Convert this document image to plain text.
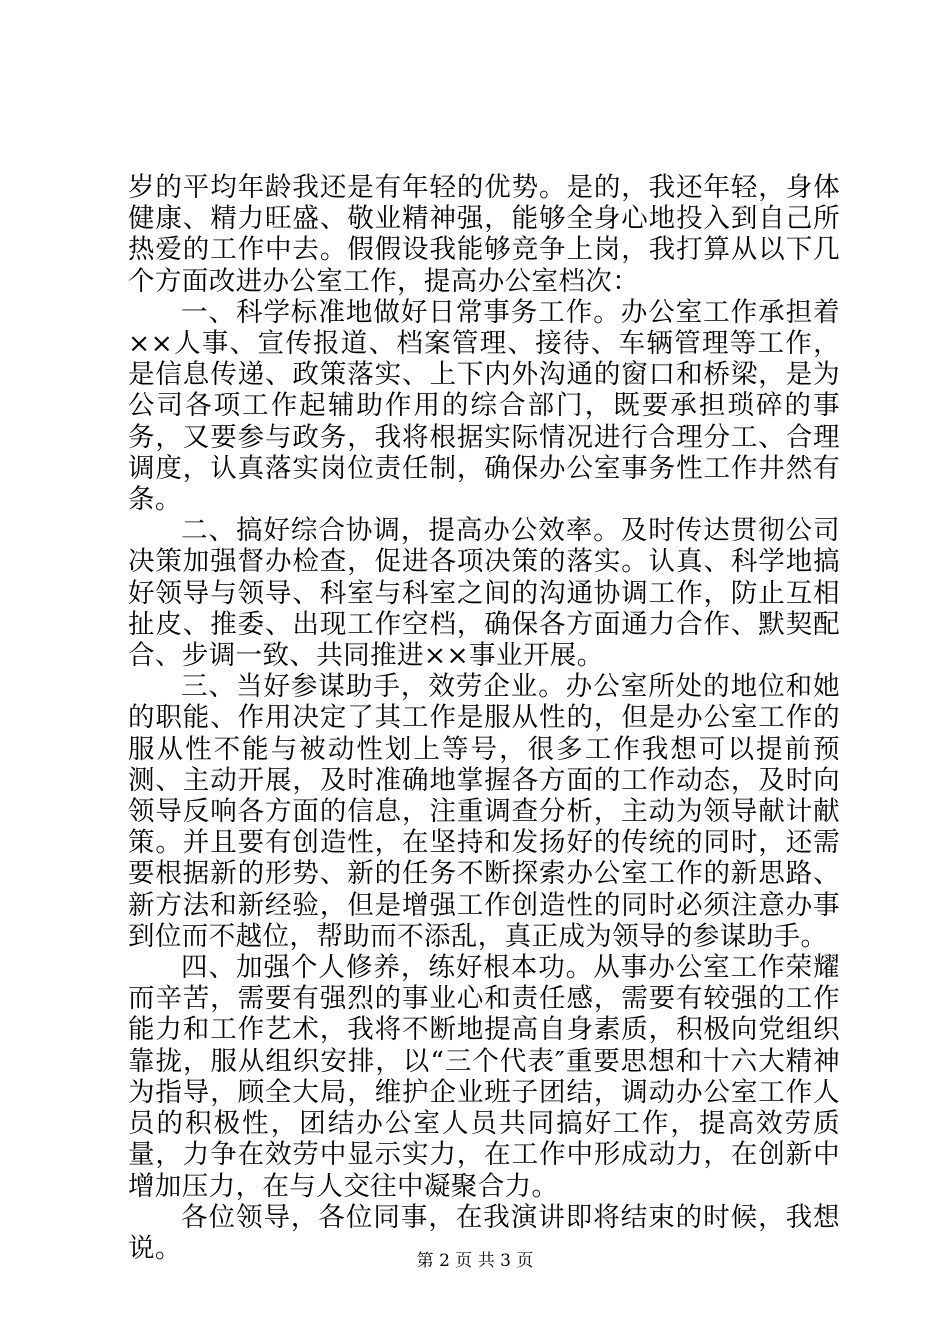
岁的平均年龄我还是有年轻的优势。是的，我还年轻，身体健康、精力旺盛、敬业精神强，能够全身心地投入到自己所热爱的工作中去。假假设我能够竞争上岗，我打算从以下几个方面改进办公室工作，提高办公室档次：

一、科学标准地做好日常事务工作。办公室工作承担着××人事、宣传报道、档案管理、接待、车辆管理等工作，是信息传递、政策落实、上下内外沟通的窗口和桥梁，是为公司各项工作起辅助作用的综合部门，既要承担琐碎的事务，又要参与政务，我将根据实际情况进行合理分工、合理调度，认真落实岗位责任制，确保办公室事务性工作井然有条。

二、搞好综合协调，提高办公效率。及时传达贯彻公司决策加强督办检查，促进各项决策的落实。认真、科学地搞好领导与领导、科室与科室之间的沟通协调工作，防止互相扯皮、推委、出现工作空档，确保各方面通力合作、默契配合、步调一致、共同推进××事业开展。

三、当好参谋助手，效劳企业。办公室所处的地位和她的职能、作用决定了其工作是服从性的，但是办公室工作的服从性不能与被动性划上等号，很多工作我想可以提前预测、主动开展，及时准确地掌握各方面的工作动态，及时向领导反响各方面的信息，注重调查分析，主动为领导献计献策。并且要有创造性，在坚持和发扬好的传统的同时，还需要根据新的形势、新的任务不断探索办公室工作的新思路、新方法和新经验，但是增强工作创造性的同时必须注意办事到位而不越位，帮助而不添乱，真正成为领导的参谋助手。

四、加强个人修养，练好根本功。从事办公室工作荣耀而辛苦，需要有强烈的事业心和责任感，需要有较强的工作能力和工作艺术，我将不断地提高自身素质，积极向党组织靠拢，服从组织安排，以“三个代表″重要思想和十六大精神为指导，顾全大局，维护企业班子团结，调动办公室工作人员的积极性，团结办公室人员共同搞好工作，提高效劳质量，力争在效劳中显示实力，在工作中形成动力，在创新中增加压力，在与人交往中凝聚合力。

各位领导，各位同事，在我演讲即将结束的时候，我想说。	第 2 页 共 3 页
